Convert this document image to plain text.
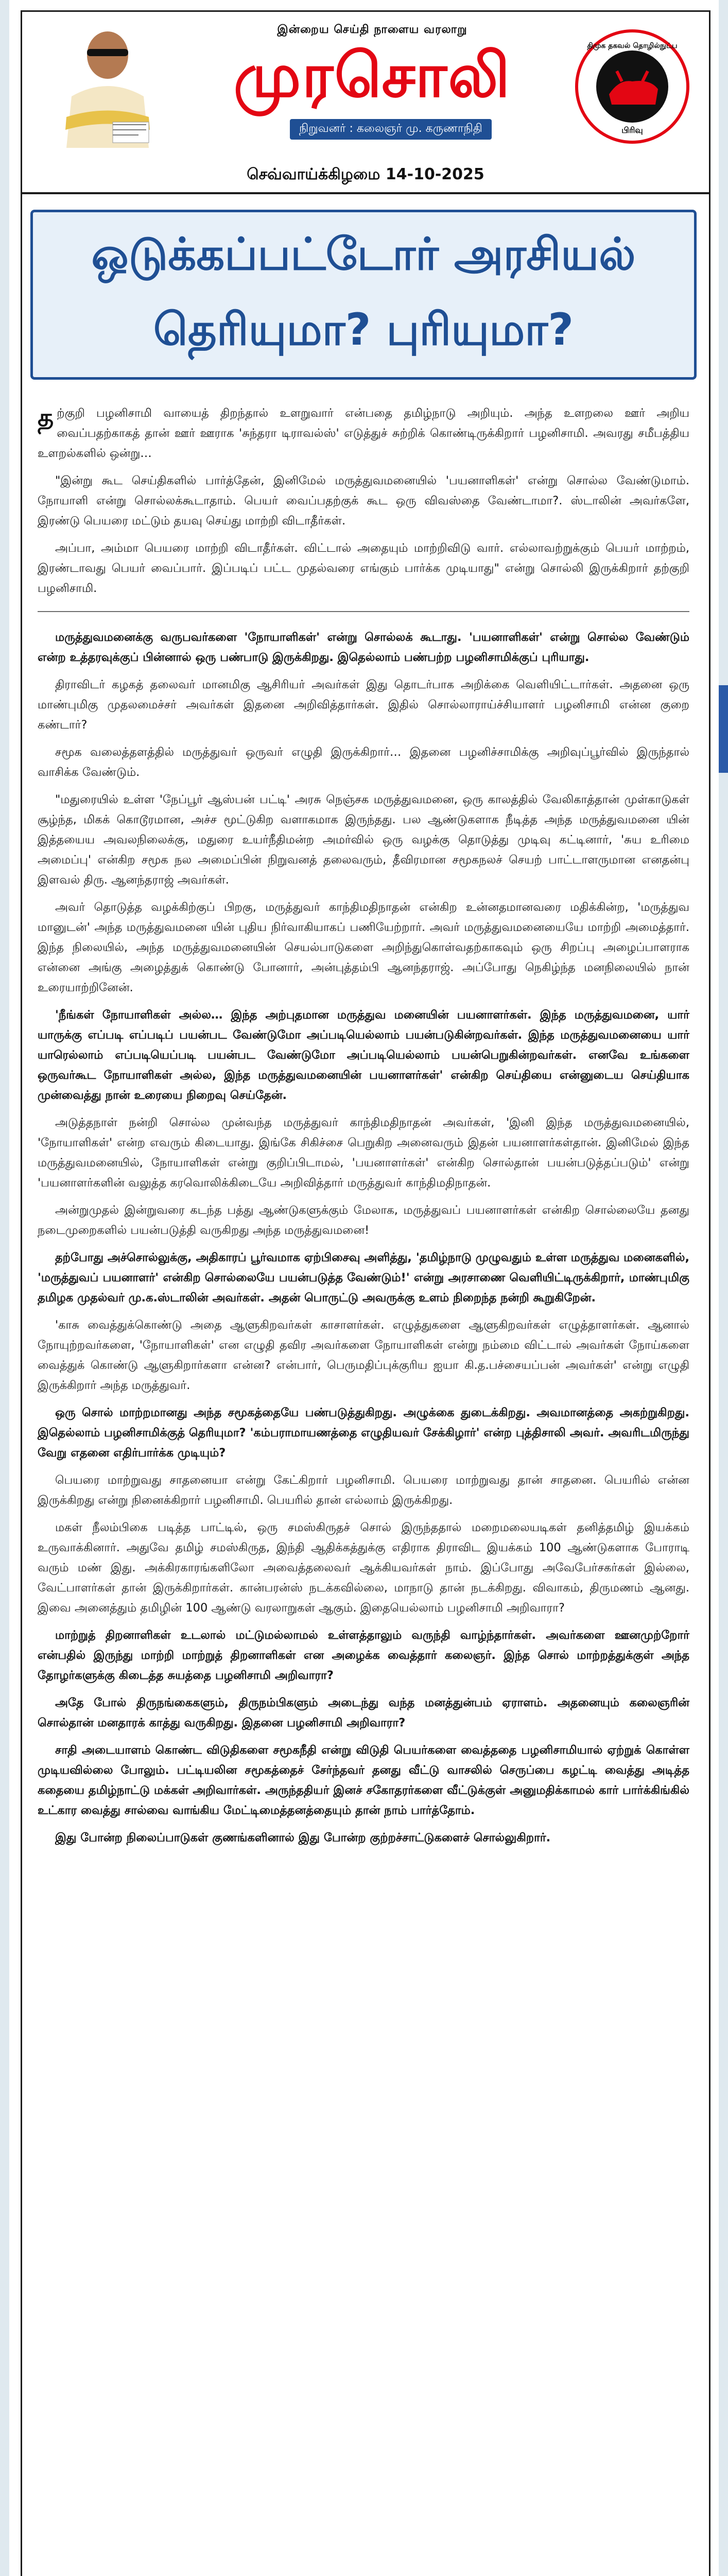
இன்றைய செய்தி நாளைய வரலாறு
முரசொலி
நிறுவனர் : கலைஞர் மு. கருணாநிதி
திமுக தகவல் தொழில்நுட்ப
பிரிவு
செவ்வாய்க்கிழமை 14-10-2025
ஒடுக்கப்பட்டோர் அரசியல்
தெரியுமா? புரியுமா?

தற்குறி பழனிசாமி வாயைத் திறந்தால் உளறுவார் என்பதை தமிழ்நாடு அறியும். அந்த உளறலை ஊர் அறிய வைப்பதற்காகத் தான் ஊர் ஊராக 'சுந்தரா டிராவல்ஸ்' எடுத்துச் சுற்றிக் கொண்டிருக்கிறார் பழனிசாமி. அவரது சமீபத்திய உளறல்களில் ஒன்று…

"இன்று கூட செய்திகளில் பார்த்தேன், இனிமேல் மருத்துவமனையில் 'பயனாளிகள்' என்று சொல்ல வேண்டுமாம். நோயாளி என்று சொல்லக்கூடாதாம். பெயர் வைப்பதற்குக் கூட ஒரு விவஸ்தை வேண்டாமா?. ஸ்டாலின் அவர்களே, இரண்டு பெயரை மட்டும் தயவு செய்து மாற்றி விடாதீர்கள்.

அப்பா, அம்மா பெயரை மாற்றி விடாதீர்கள். விட்டால் அதையும் மாற்றிவிடு வார். எல்லாவற்றுக்கும் பெயர் மாற்றம், இரண்டாவது பெயர் வைப்பார். இப்படிப் பட்ட முதல்வரை எங்கும் பார்க்க முடியாது" என்று சொல்லி இருக்கிறார் தற்குறி பழனிசாமி.

மருத்துவமனைக்கு வருபவர்களை 'நோயாளிகள்' என்று சொல்லக் கூடாது. 'பயனாளிகள்' என்று சொல்ல வேண்டும் என்ற உத்தரவுக்குப் பின்னால் ஒரு பண்பாடு இருக்கிறது. இதெல்லாம் பண்பற்ற பழனிசாமிக்குப் புரியாது.

திராவிடர் கழகத் தலைவர் மானமிகு ஆசிரியர் அவர்கள் இது தொடர்பாக அறிக்கை வெளியிட்டார்கள். அதனை ஒரு மாண்புமிகு முதலமைச்சர் அவர்கள் இதனை அறிவித்தார்கள். இதில் சொல்லாராய்ச்சியாளர் பழனிசாமி என்ன குறை கண்டார்?

சமூக வலைத்தளத்தில் மருத்துவர் ஒருவர் எழுதி இருக்கிறார்… இதனை பழனிச்சாமிக்கு அறிவுப்பூர்வில் இருந்தால் வாசிக்க வேண்டும்.

"மதுரையில் உள்ள 'நேப்பூர் ஆஸ்பன் பட்டி' அரசு நெஞ்சக மருத்துவமனை, ஒரு காலத்தில் வேலிகாத்தான் முள்காடுகள் சூழ்ந்த, மிகக் கொடூரமான, அச்ச மூட்டுகிற வளாகமாக இருந்தது. பல ஆண்டுகளாக நீடித்த அந்த மருத்துவமனை யின் இத்தயைய அவலநிலைக்கு, மதுரை உயர்நீதிமன்ற அமர்வில் ஒரு வழக்கு தொடுத்து முடிவு கட்டினார், 'சுய உரிமை அமைப்பு' என்கிற சமூக நல அமைப்பின் நிறுவனத் தலைவரும், தீவிரமான சமூகநலச் செயற் பாட்டாளருமான எனதன்பு இளவல் திரு. ஆனந்தராஜ் அவர்கள்.

அவர் தொடுத்த வழக்கிற்குப் பிறகு, மருத்துவர் காந்திமதிநாதன் என்கிற உன்னதமானவரை மதிக்கின்ற, 'மருத்துவ மானுடன்' அந்த மருத்துவமனை யின் புதிய நிர்வாகியாகப் பணியேற்றார். அவர் மருத்துவமனையையே மாற்றி அமைத்தார். இந்த நிலையில், அந்த மருத்துவமனையின் செயல்பாடுகளை அறிந்துகொள்வதற்காகவும் ஒரு சிறப்பு அழைப்பாளராக என்னை அங்கு அழைத்துக் கொண்டு போனார், அன்புத்தம்பி ஆனந்தராஜ். அப்போது நெகிழ்ந்த மனநிலையில் நான் உரையாற்றினேன்.

'நீங்கள் நோயாளிகள் அல்ல… இந்த அற்புதமான மருத்துவ மனையின் பயனாளர்கள். இந்த மருத்துவமனை, யார் யாருக்கு எப்படி எப்படிப் பயன்பட வேண்டுமோ அப்படியெல்லாம் பயன்படுகின்றவர்கள். இந்த மருத்துவமனையை யார் யாரெல்லாம் எப்படியெப்படி பயன்பட வேண்டுமோ அப்படியெல்லாம் பயன்பெறுகின்றவர்கள். எனவே உங்களை ஒருவர்கூட நோயாளிகள் அல்ல, இந்த மருத்துவமனையின் பயனாளர்கள்' என்கிற செய்தியை என்னுடைய செய்தியாக முன்வைத்து நான் உரையை நிறைவு செய்தேன்.

அடுத்தநாள் நன்றி சொல்ல முன்வந்த மருத்துவர் காந்திமதிநாதன் அவர்கள், 'இனி இந்த மருத்துவமனையில், 'நோயாளிகள்' என்ற எவரும் கிடையாது. இங்கே சிகிச்சை பெறுகிற அனைவரும் இதன் பயனாளர்கள்தான். இனிமேல் இந்த மருத்துவமனையில், நோயாளிகள் என்று குறிப்பிடாமல், 'பயனாளர்கள்' என்கிற சொல்தான் பயன்படுத்தப்படும்' என்று 'பயனாளர்களின் வலுத்த கரவொலிக்கிடையே அறிவித்தார் மருத்துவர் காந்திமதிநாதன்.

அன்றுமுதல் இன்றுவரை கடந்த பத்து ஆண்டுகளுக்கும் மேலாக, மருத்துவப் பயனாளர்கள் என்கிற சொல்லையே தனது நடைமுறைகளில் பயன்படுத்தி வருகிறது அந்த மருத்துவமனை!

தற்போது அச்சொல்லுக்கு, அதிகாரப் பூர்வமாக ஏற்பிசைவு அளித்து, 'தமிழ்நாடு முழுவதும் உள்ள மருத்துவ மனைகளில், 'மருத்துவப் பயனாளர்' என்கிற சொல்லையே பயன்படுத்த வேண்டும்!' என்று அரசாணை வெளியிட்டிருக்கிறார், மாண்புமிகு தமிழக முதல்வர் மு.க.ஸ்டாலின் அவர்கள். அதன் பொருட்டு அவருக்கு உளம் நிறைந்த நன்றி கூறுகிறேன்.

'காசு வைத்துக்கொண்டு அதை ஆளுகிறவர்கள் காசாளர்கள். எழுத்துகளை ஆளுகிறவர்கள் எழுத்தாளர்கள். ஆனால் நோயுற்றவர்களை, 'நோயாளிகள்' என எழுதி தவிர அவர்களை நோயாளிகள் என்று நம்மை விட்டால் அவர்கள் நோய்களை வைத்துக் கொண்டு ஆளுகிறார்களா என்ன? என்பார், பெருமதிப்புக்குரிய ஐயா கி.த.பச்சையப்பன் அவர்கள்' என்று எழுதி இருக்கிறார் அந்த மருத்துவர்.

ஒரு சொல் மாற்றமானது அந்த சமூகத்தையே பண்படுத்துகிறது. அழுக்கை துடைக்கிறது. அவமானத்தை அகற்றுகிறது. இதெல்லாம் பழனிசாமிக்குத் தெரியுமா? 'கம்பராமாயணத்தை எழுதியவர் சேக்கிழார்' என்ற புத்திசாலி அவர். அவரிடமிருந்து வேறு எதனை எதிர்பார்க்க முடியும்?

பெயரை மாற்றுவது சாதனையா என்று கேட்கிறார் பழனிசாமி. பெயரை மாற்றுவது தான் சாதனை. பெயரில் என்ன இருக்கிறது என்று நினைக்கிறார் பழனிசாமி. பெயரில் தான் எல்லாம் இருக்கிறது.

மகள் நீலம்பிகை படித்த பாட்டில், ஒரு சமஸ்கிருதச் சொல் இருந்ததால் மறைமலையடிகள் தனித்தமிழ் இயக்கம் உருவாக்கினார். அதுவே தமிழ் சமஸ்கிருத, இந்தி ஆதிக்கத்துக்கு எதிராக திராவிட இயக்கம் 100 ஆண்டுகளாக போராடி வரும் மண் இது. அக்கிரகாரங்களிலோ அவைத்தலைவர் ஆக்கியவர்கள் நாம். இப்போது அவேபேர்சகர்கள் இல்லை, வேட்பாளர்கள் தான் இருக்கிறார்கள். கான்பரன்ஸ் நடக்கவில்லை, மாநாடு தான் நடக்கிறது. விவாகம், திருமணம் ஆனது. இவை அனைத்தும் தமிழின் 100 ஆண்டு வரலாறுகள் ஆகும். இதையெல்லாம் பழனிசாமி அறிவாரா?

மாற்றுத் திறனாளிகள் உடலால் மட்டுமல்லாமல் உள்ளத்தாலும் வருந்தி வாழ்ந்தார்கள். அவர்களை ஊனமுற்றோர் என்பதில் இருந்து மாற்றி மாற்றுத் திறனாளிகள் என அழைக்க வைத்தார் கலைஞர். இந்த சொல் மாற்றத்துக்குள் அந்த தோழர்களுக்கு கிடைத்த சுயத்தை பழனிசாமி அறிவாரா?

அதே போல் திருநங்கைகளும், திருநம்பிகளும் அடைந்து வந்த மனத்துன்பம் ஏராளம். அதனையும் கலைஞரின் சொல்தான் மனதாரக் காத்து வருகிறது. இதனை பழனிசாமி அறிவாரா?

சாதி அடையாளம் கொண்ட விடுதிகளை சமூகநீதி என்று விடுதி பெயர்களை வைத்ததை பழனிசாமியால் ஏற்றுக் கொள்ள முடியவில்லை போலும். பட்டியலின சமூகத்தைச் சேர்ந்தவர் தனது வீட்டு வாசலில் செருப்பை கழட்டி வைத்து அடித்த கதையை தமிழ்நாட்டு மக்கள் அறிவார்கள். அருந்ததியர் இனச் சகோதரர்களை வீட்டுக்குள் அனுமதிக்காமல் கார் பார்க்கிங்கில் உட்கார வைத்து சால்வை வாங்கிய மேட்டிமைத்தனத்தையும் தான் நாம் பார்த்தோம்.

இது போன்ற நிலைப்பாடுகள் குணங்களினால் இது போன்ற குற்றச்சாட்டுகளைச் சொல்லுகிறார்.
